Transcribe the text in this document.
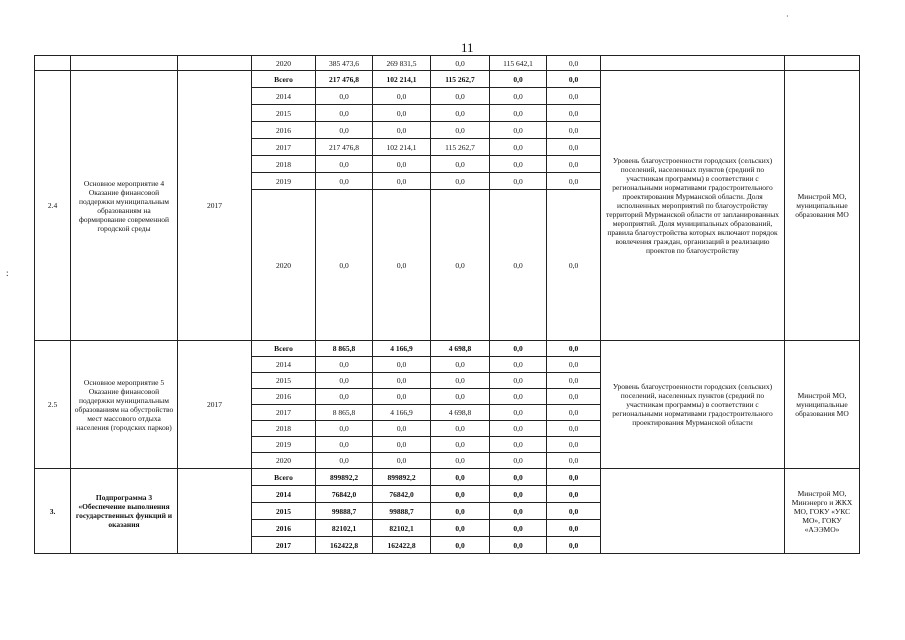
·
:
11
			2020	385 473,6	269 831,5	0,0	115 642,1	0,0		
2.4	Основное мероприятие 4 Оказание финансовой поддержки муниципальным образованиям на формирование современной городской среды	2017	Всего	217 476,8	102 214,1	115 262,7	0,0	0,0	Уровень благоустроенности городских (сельских) поселений, населенных пунктов (средний по участникам программы) в соответствии с региональными нормативами градостроительного проектирования Мурманской области. Доля исполненных мероприятий по благоустройству территорий Мурманской области от запланированных мероприятий. Доля муниципальных образований, правила благоустройства которых включают порядок вовлечения граждан, организаций в реализацию проектов по благоустройству	Минстрой МО, муниципальные образования МО
			2014	0,0	0,0	0,0	0,0	0,0		
			2015	0,0	0,0	0,0	0,0	0,0		
			2016	0,0	0,0	0,0	0,0	0,0		
			2017	217 476,8	102 214,1	115 262,7	0,0	0,0		
			2018	0,0	0,0	0,0	0,0	0,0		
			2019	0,0	0,0	0,0	0,0	0,0		
			2020	0,0	0,0	0,0	0,0	0,0		
2.5	Основное мероприятие 5 Оказание финансовой поддержки муниципальным образованиям на обустройство мест массового отдыха населения (городских парков)	2017	Всего	8 865,8	4 166,9	4 698,8	0,0	0,0	Уровень благоустроенности городских (сельских) поселений, населенных пунктов (средний по участникам программы) в соответствии с региональными нормативами градостроительного проектирования Мурманской области	Минстрой МО, муниципальные образования МО
			2014	0,0	0,0	0,0	0,0	0,0		
			2015	0,0	0,0	0,0	0,0	0,0		
			2016	0,0	0,0	0,0	0,0	0,0		
			2017	8 865,8	4 166,9	4 698,8	0,0	0,0		
			2018	0,0	0,0	0,0	0,0	0,0		
			2019	0,0	0,0	0,0	0,0	0,0		
			2020	0,0	0,0	0,0	0,0	0,0		
3.	Подпрограмма 3 «Обеспечение выполнения государственных функций и оказания		Всего	899892,2	899892,2	0,0	0,0	0,0		Минстрой МО, Минэнерго и ЖКХ МО, ГОКУ «УКС МО», ГОКУ «АЭЭМО»
			2014	76842,0	76842,0	0,0	0,0	0,0		
			2015	99888,7	99888,7	0,0	0,0	0,0		
			2016	82102,1	82102,1	0,0	0,0	0,0		
			2017	162422,8	162422,8	0,0	0,0	0,0		
